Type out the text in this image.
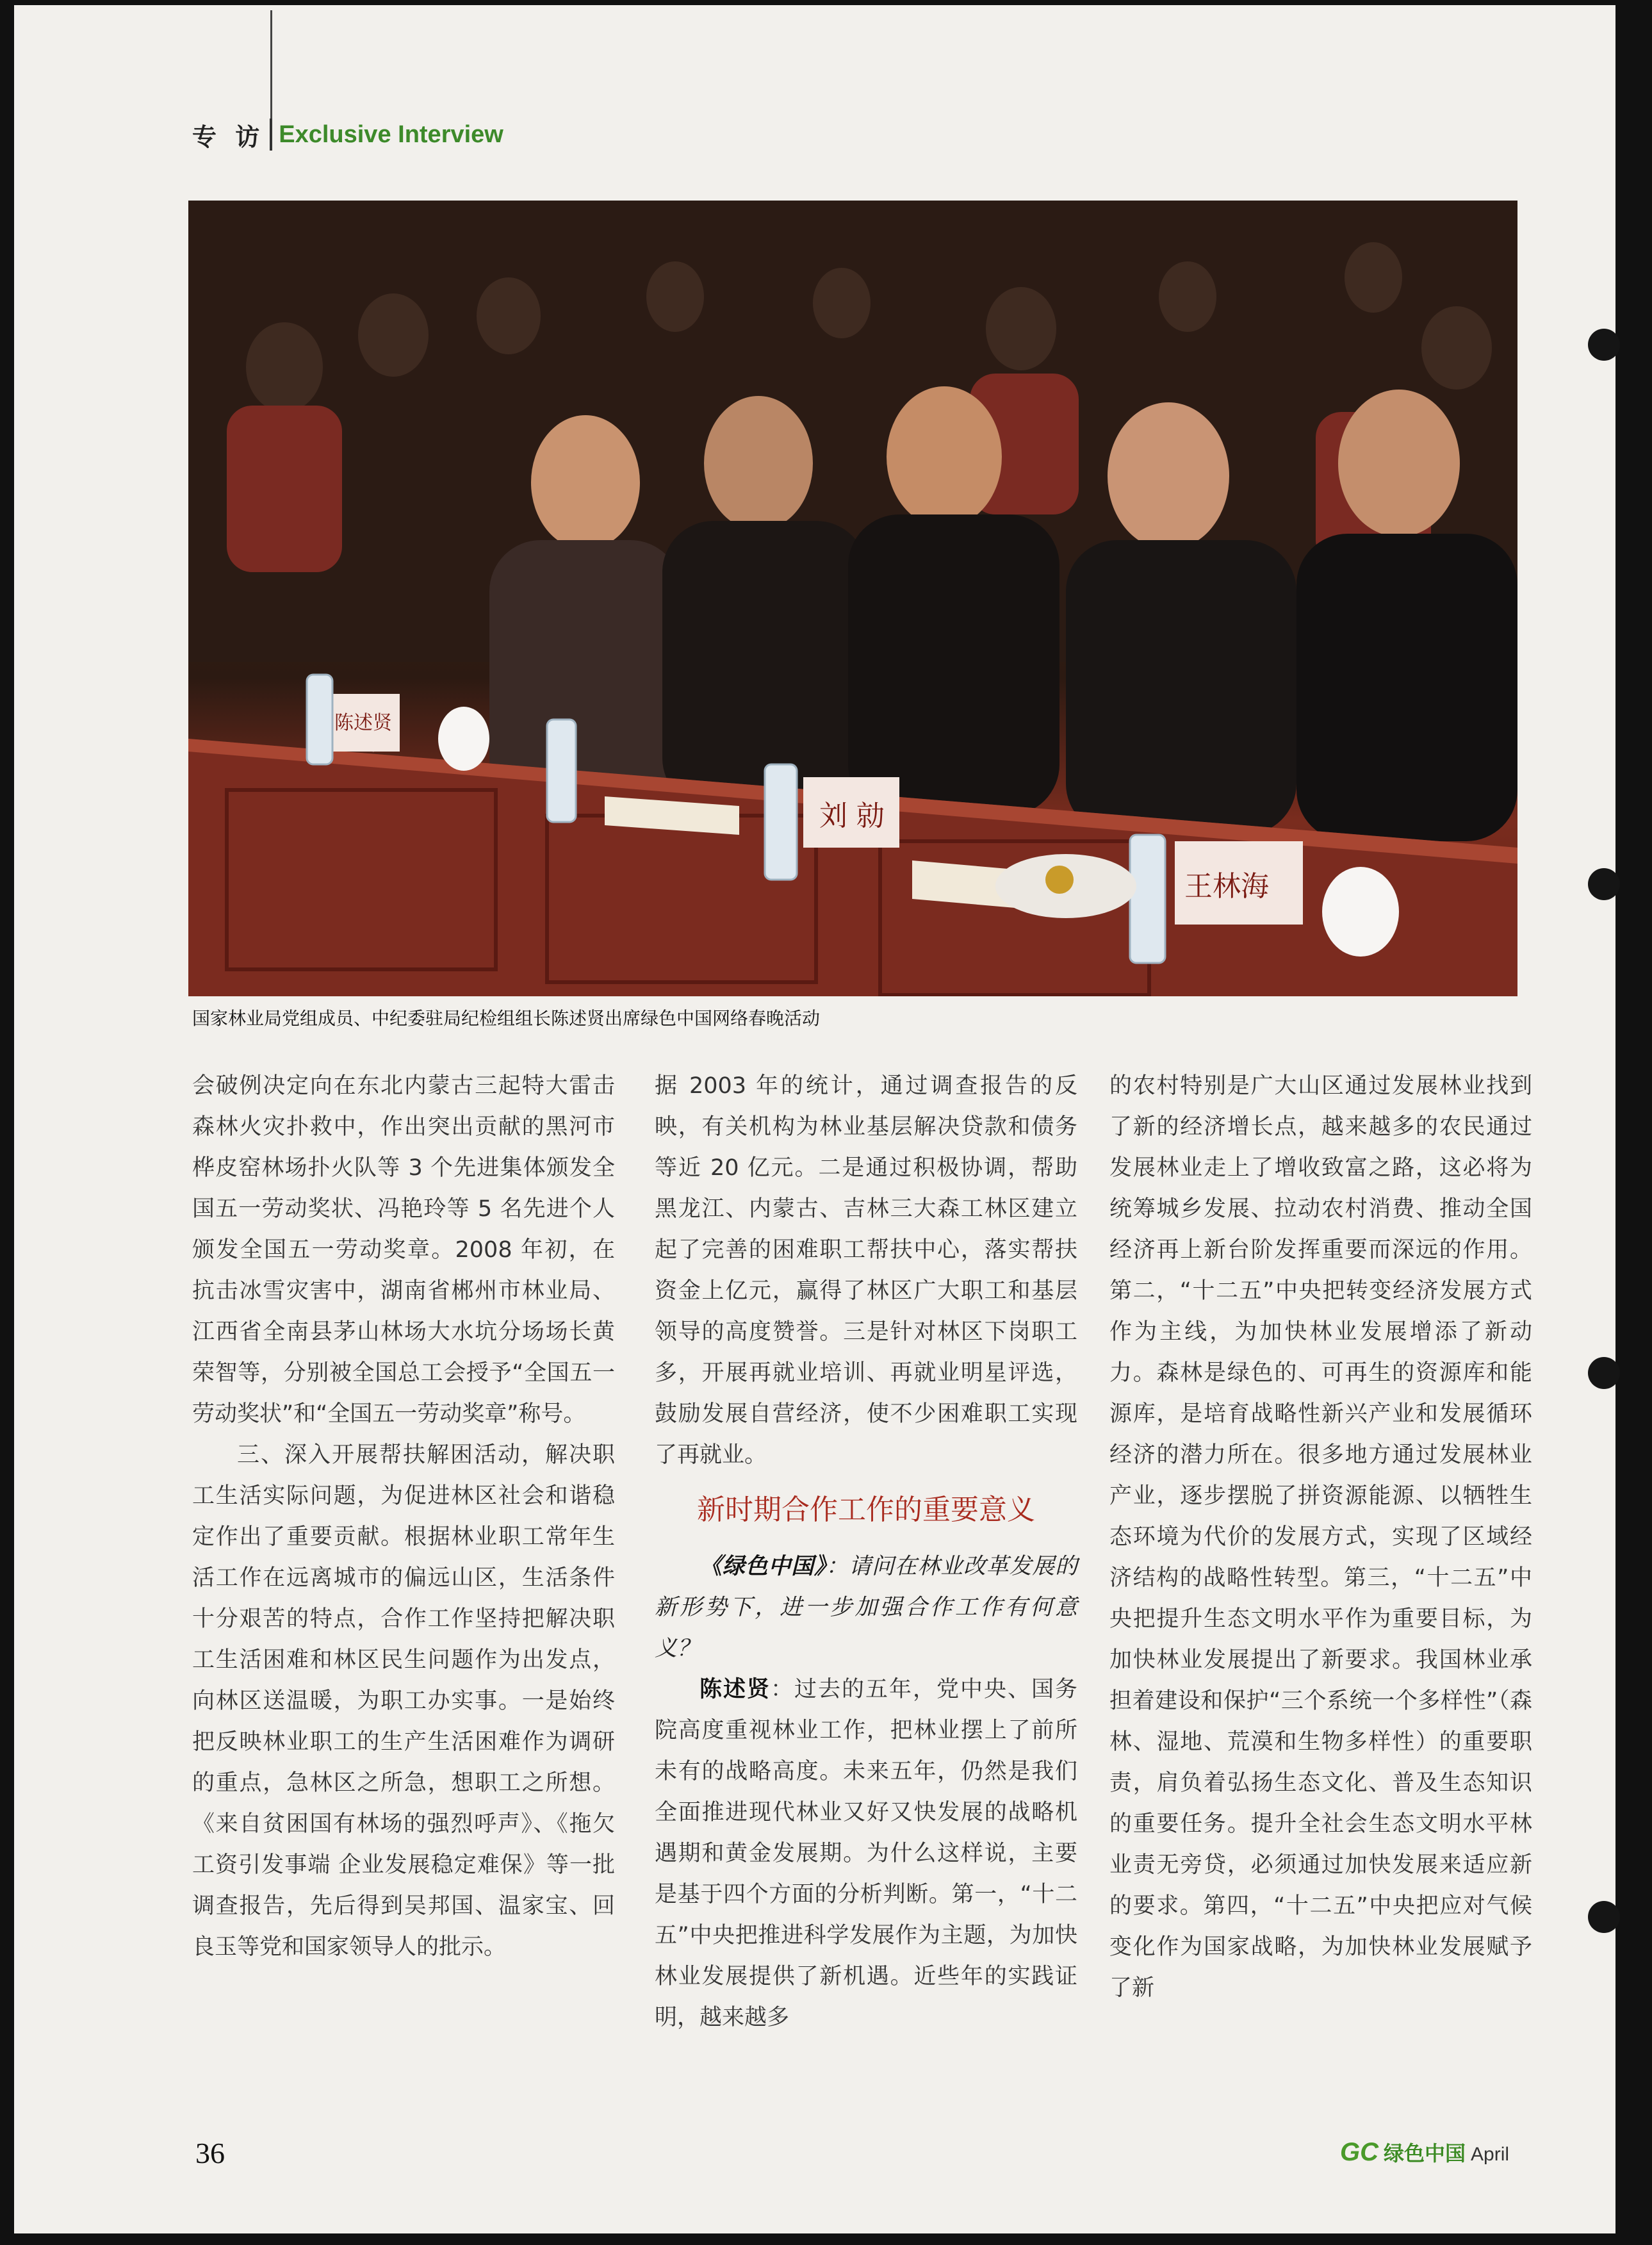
专 访 Exclusive Interview
刘 勍
王林海
陈述贤
国家林业局党组成员、中纪委驻局纪检组组长陈述贤出席绿色中国网络春晚活动

会破例决定向在东北内蒙古三起特大雷击森林火灾扑救中，作出突出贡献的黑河市桦皮窑林场扑火队等 3 个先进集体颁发全国五一劳动奖状、冯艳玲等 5 名先进个人颁发全国五一劳动奖章。2008 年初，在抗击冰雪灾害中，湖南省郴州市林业局、江西省全南县茅山林场大水坑分场场长黄荣智等，分别被全国总工会授予“全国五一劳动奖状”和“全国五一劳动奖章”称号。

三、深入开展帮扶解困活动，解决职工生活实际问题，为促进林区社会和谐稳定作出了重要贡献。根据林业职工常年生活工作在远离城市的偏远山区，生活条件十分艰苦的特点，合作工作坚持把解决职工生活困难和林区民生问题作为出发点，向林区送温暖，为职工办实事。一是始终把反映林业职工的生产生活困难作为调研的重点，急林区之所急，想职工之所想。《来自贫困国有林场的强烈呼声》、《拖欠工资引发事端 企业发展稳定难保》等一批调查报告，先后得到吴邦国、温家宝、回良玉等党和国家领导人的批示。

据 2003 年的统计，通过调查报告的反映，有关机构为林业基层解决贷款和债务等近 20 亿元。二是通过积极协调，帮助黑龙江、内蒙古、吉林三大森工林区建立起了完善的困难职工帮扶中心，落实帮扶资金上亿元，赢得了林区广大职工和基层领导的高度赞誉。三是针对林区下岗职工多，开展再就业培训、再就业明星评选，鼓励发展自营经济，使不少困难职工实现了再就业。

新时期合作工作的重要意义

《绿色中国》：请问在林业改革发展的新形势下，进一步加强合作工作有何意义？

陈述贤：过去的五年，党中央、国务院高度重视林业工作，把林业摆上了前所未有的战略高度。未来五年，仍然是我们全面推进现代林业又好又快发展的战略机遇期和黄金发展期。为什么这样说，主要是基于四个方面的分析判断。第一，“十二五”中央把推进科学发展作为主题，为加快林业发展提供了新机遇。近些年的实践证明，越来越多

的农村特别是广大山区通过发展林业找到了新的经济增长点，越来越多的农民通过发展林业走上了增收致富之路，这必将为统筹城乡发展、拉动农村消费、推动全国经济再上新台阶发挥重要而深远的作用。第二，“十二五”中央把转变经济发展方式作为主线，为加快林业发展增添了新动力。森林是绿色的、可再生的资源库和能源库，是培育战略性新兴产业和发展循环经济的潜力所在。很多地方通过发展林业产业，逐步摆脱了拼资源能源、以牺牲生态环境为代价的发展方式，实现了区域经济结构的战略性转型。第三，“十二五”中央把提升生态文明水平作为重要目标，为加快林业发展提出了新要求。我国林业承担着建设和保护“三个系统一个多样性”（森林、湿地、荒漠和生物多样性）的重要职责，肩负着弘扬生态文化、普及生态知识的重要任务。提升全社会生态文明水平林业责无旁贷，必须通过加快发展来适应新的要求。第四，“十二五”中央把应对气候变化作为国家战略，为加快林业发展赋予了新

36	GC 绿色中国 April
